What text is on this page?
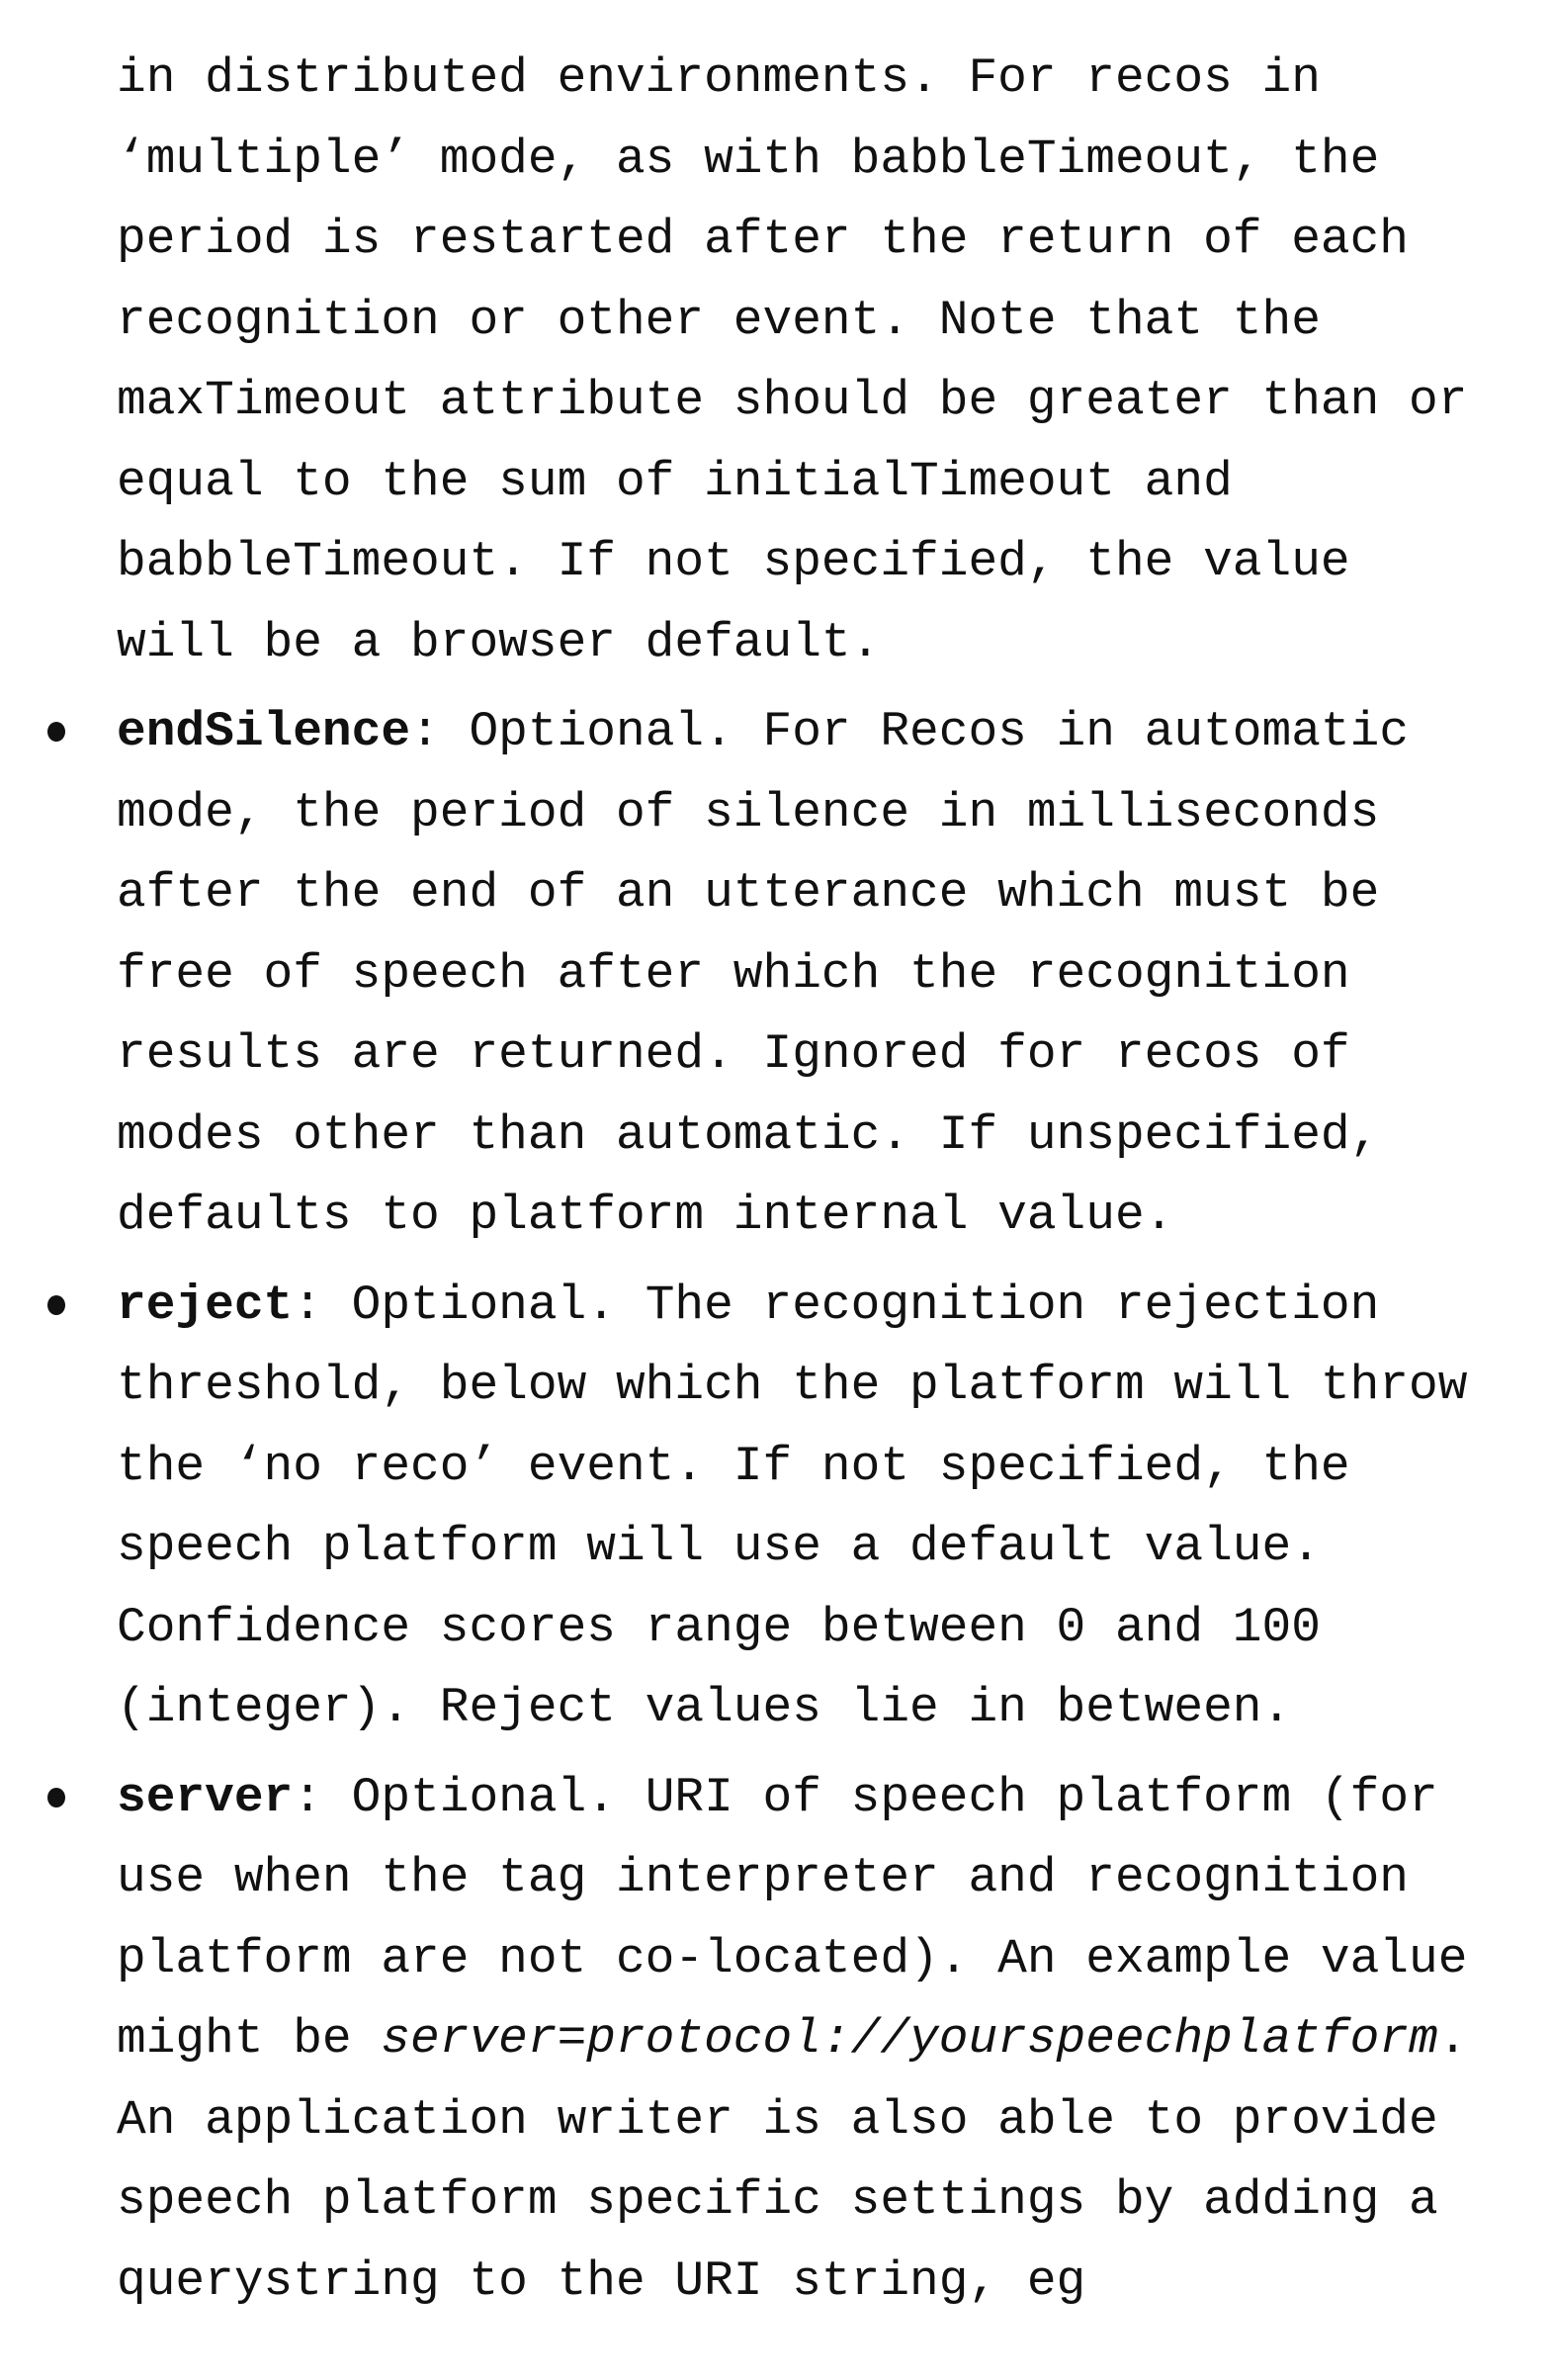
in distributed environments. For recos in
‘multiple’ mode, as with babbleTimeout, the
period is restarted after the return of each
recognition or other event. Note that the
maxTimeout attribute should be greater than or
equal to the sum of initialTimeout and
babbleTimeout. If not specified, the value
will be a browser default.
endSilence: Optional. For Recos in automatic
mode, the period of silence in milliseconds
after the end of an utterance which must be
free of speech after which the recognition
results are returned. Ignored for recos of
modes other than automatic. If unspecified,
defaults to platform internal value.
reject: Optional. The recognition rejection
threshold, below which the platform will throw
the ‘no reco’ event. If not specified, the
speech platform will use a default value.
Confidence scores range between 0 and 100
(integer). Reject values lie in between.
server: Optional. URI of speech platform (for
use when the tag interpreter and recognition
platform are not co-located). An example value
might be server=protocol://yourspeechplatform.
An application writer is also able to provide
speech platform specific settings by adding a
querystring to the URI string, eg
